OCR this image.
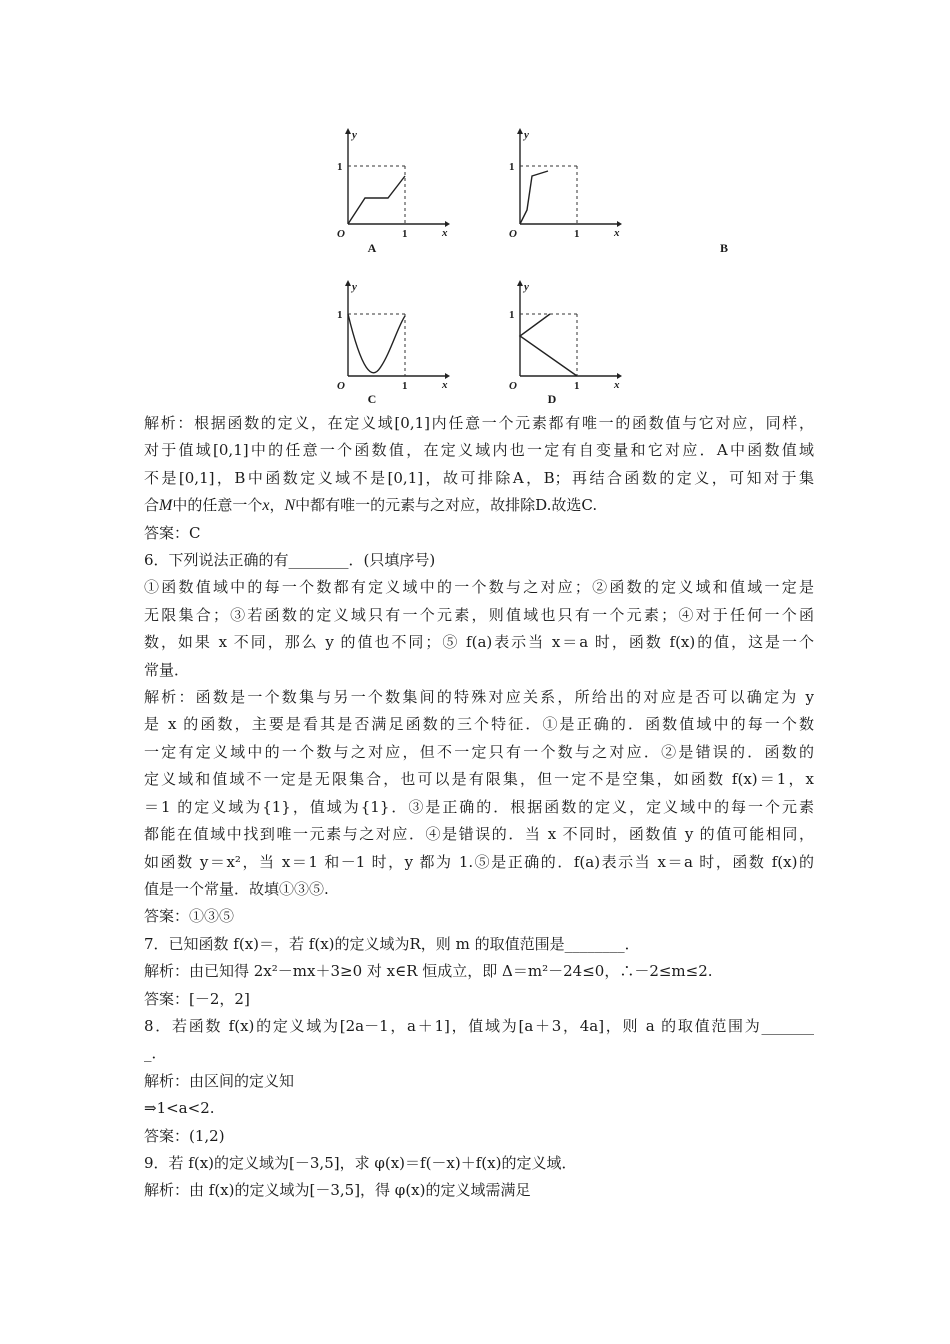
y
x
O	1
1
A
y
x
O	1
1
B
y
x
O	1
1
C
y
x
O	1
1
D
解析：根据函数的定义，在定义域[0,1]内任意一个元素都有唯一的函数值与它对应，同样，
对于值域[0,1]中的任意一个函数值，在定义域内也一定有自变量和它对应．A中函数值域
不是[0,1]，B中函数定义域不是[0,1]，故可排除A，B；再结合函数的定义，可知对于集
合M中的任意一个x，N中都有唯一的元素与之对应，故排除D.故选C.
答案：C
6．下列说法正确的有________．(只填序号)
①函数值域中的每一个数都有定义域中的一个数与之对应；②函数的定义域和值域一定是
无限集合；③若函数的定义域只有一个元素，则值域也只有一个元素；④对于任何一个函
数，如果 x 不同，那么 y 的值也不同；⑤ f(a)表示当 x＝a 时，函数 f(x)的值，这是一个
常量．
解析：函数是一个数集与另一个数集间的特殊对应关系，所给出的对应是否可以确定为 y
是 x 的函数，主要是看其是否满足函数的三个特征．①是正确的．函数值域中的每一个数
一定有定义域中的一个数与之对应，但不一定只有一个数与之对应．②是错误的．函数的
定义域和值域不一定是无限集合，也可以是有限集，但一定不是空集，如函数 f(x)＝1，x
＝1 的定义域为{1}，值域为{1}．③是正确的．根据函数的定义，定义域中的每一个元素
都能在值域中找到唯一元素与之对应．④是错误的．当 x 不同时，函数值 y 的值可能相同，
如函数 y＝x²，当 x＝1 和－1 时，y 都为 1.⑤是正确的．f(a)表示当 x＝a 时，函数 f(x)的
值是一个常量．故填①③⑤.
答案：①③⑤
7．已知函数 f(x)＝，若 f(x)的定义域为R，则 m 的取值范围是________．
解析：由已知得 2x²－mx＋3≥0 对 x∈R 恒成立，即 Δ＝m²－24≤0，∴－2≤m≤2.
答案：[－2，2]
8．若函数 f(x)的定义域为[2a－1，a＋1]，值域为[a＋3，4a]，则 a 的取值范围为_______
_．
解析：由区间的定义知
⇒1<a<2.
答案：(1,2)
9．若 f(x)的定义域为[－3,5]，求 φ(x)＝f(－x)＋f(x)的定义域．
解析：由 f(x)的定义域为[－3,5]，得 φ(x)的定义域需满足
